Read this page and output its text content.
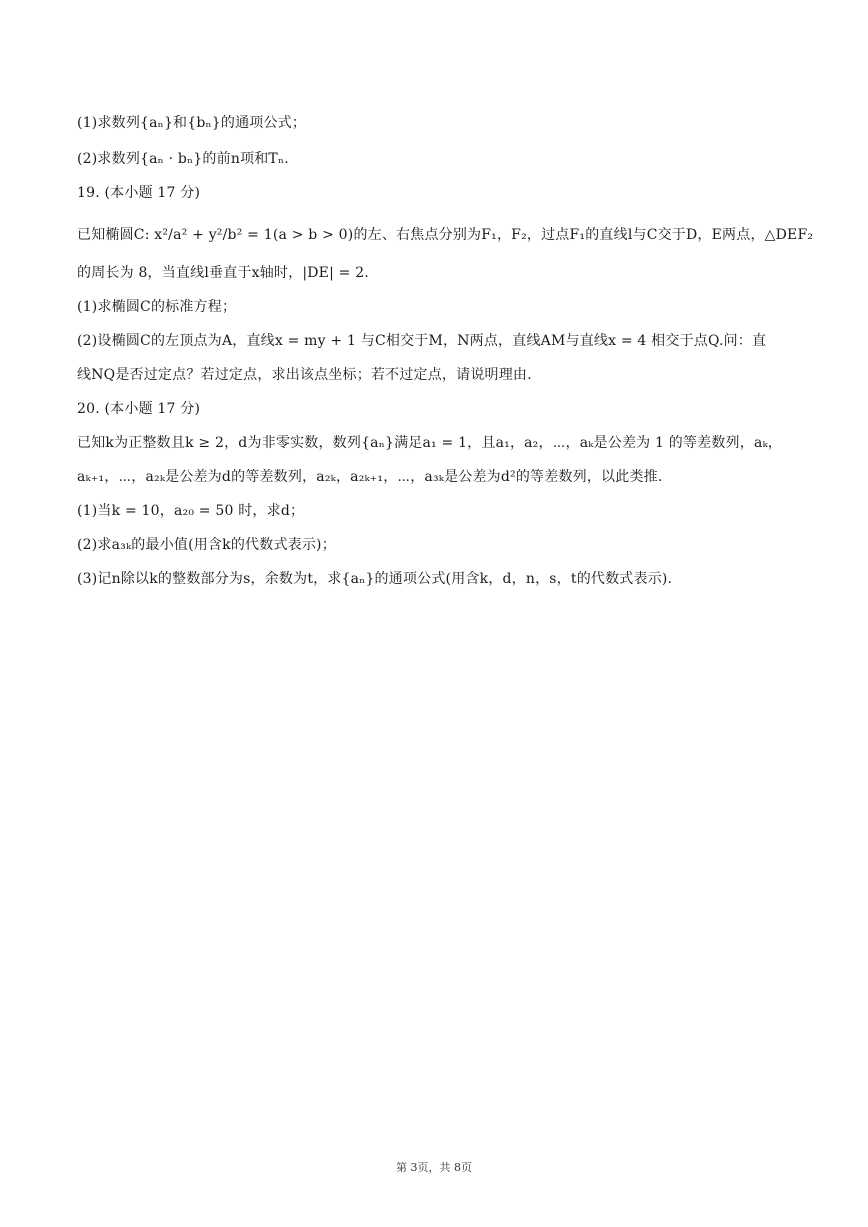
(1)求数列{aₙ}和{bₙ}的通项公式；
(2)求数列{aₙ · bₙ}的前n项和Tₙ.
19. (本小题 17 分)
已知椭圆C: x²/a² + y²/b² = 1(a > b > 0)的左、右焦点分别为F₁，F₂，过点F₁的直线l与C交于D，E两点，△DEF₂
的周长为 8，当直线l垂直于x轴时，|DE| = 2.
(1)求椭圆C的标准方程；
(2)设椭圆C的左顶点为A，直线x = my + 1 与C相交于M，N两点，直线AM与直线x = 4 相交于点Q.问：直
线NQ是否过定点？若过定点，求出该点坐标；若不过定点，请说明理由.
20. (本小题 17 分)
已知k为正整数且k ≥ 2，d为非零实数，数列{aₙ}满足a₁ = 1，且a₁，a₂，⋯，aₖ是公差为 1 的等差数列，aₖ，
aₖ₊₁，⋯，a₂ₖ是公差为d的等差数列，a₂ₖ，a₂ₖ₊₁，⋯，a₃ₖ是公差为d²的等差数列，以此类推.
(1)当k = 10，a₂₀ = 50 时，求d；
(2)求a₃ₖ的最小值(用含k的代数式表示)；
(3)记n除以k的整数部分为s，余数为t，求{aₙ}的通项公式(用含k，d，n，s，t的代数式表示).
第 3页，共 8页
